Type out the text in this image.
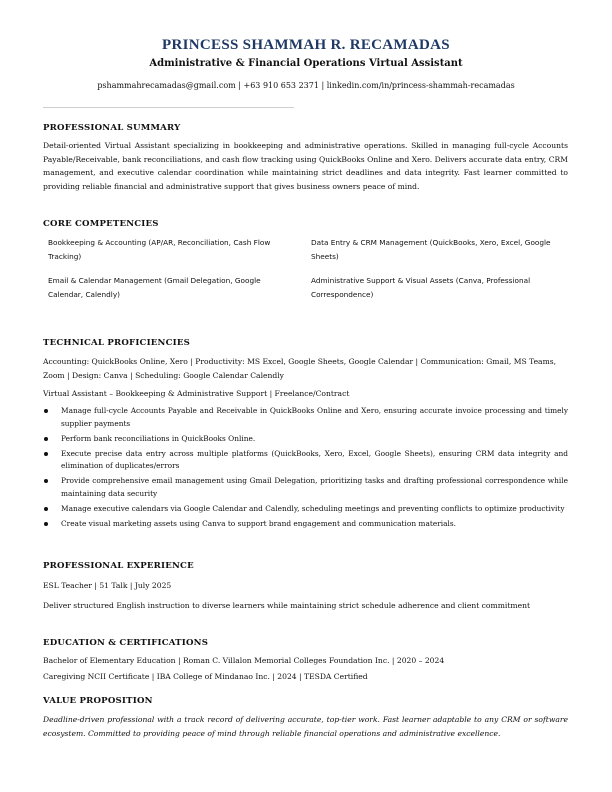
PRINCESS SHAMMAH R. RECAMADAS
Administrative & Financial Operations Virtual Assistant
pshammahrecamadas@gmail.com | +63 910 653 2371 | linkedin.com/in/princess-shammah-recamadas
PROFESSIONAL SUMMARY
Detail-oriented Virtual Assistant specializing in bookkeeping and administrative operations. Skilled in managing full-cycle Accounts Payable/Receivable, bank reconciliations, and cash flow tracking using QuickBooks Online and Xero. Delivers accurate data entry, CRM management, and executive calendar coordination while maintaining strict deadlines and data integrity. Fast learner committed to providing reliable financial and administrative support that gives business owners peace of mind.
CORE COMPETENCIES
Bookkeeping & Accounting (AP/AR, Reconciliation, Cash Flow Tracking)
Data Entry & CRM Management (QuickBooks, Xero, Excel, Google Sheets)
Email & Calendar Management (Gmail Delegation, Google Calendar, Calendly)
Administrative Support & Visual Assets (Canva, Professional Correspondence)
TECHNICAL PROFICIENCIES
Accounting: QuickBooks Online, Xero | Productivity: MS Excel, Google Sheets, Google Calendar | Communication: Gmail, MS Teams, Zoom | Design: Canva | Scheduling: Google Calendar Calendly
Virtual Assistant – Bookkeeping & Administrative Support | Freelance/Contract
Manage full-cycle Accounts Payable and Receivable in QuickBooks Online and Xero, ensuring accurate invoice processing and timely supplier payments
Perform bank reconciliations in QuickBooks Online.
Execute precise data entry across multiple platforms (QuickBooks, Xero, Excel, Google Sheets), ensuring CRM data integrity and elimination of duplicates/errors
Provide comprehensive email management using Gmail Delegation, prioritizing tasks and drafting professional correspondence while maintaining data security
Manage executive calendars via Google Calendar and Calendly, scheduling meetings and preventing conflicts to optimize productivity
Create visual marketing assets using Canva to support brand engagement and communication materials.
PROFESSIONAL EXPERIENCE
ESL Teacher | 51 Talk | July 2025
Deliver structured English instruction to diverse learners while maintaining strict schedule adherence and client commitment
EDUCATION & CERTIFICATIONS
Bachelor of Elementary Education | Roman C. Villalon Memorial Colleges Foundation Inc. | 2020 – 2024
Caregiving NCII Certificate | IBA College of Mindanao Inc. | 2024 | TESDA Certified
VALUE PROPOSITION
Deadline-driven professional with a track record of delivering accurate, top-tier work. Fast learner adaptable to any CRM or software ecosystem. Committed to providing peace of mind through reliable financial operations and administrative excellence.
